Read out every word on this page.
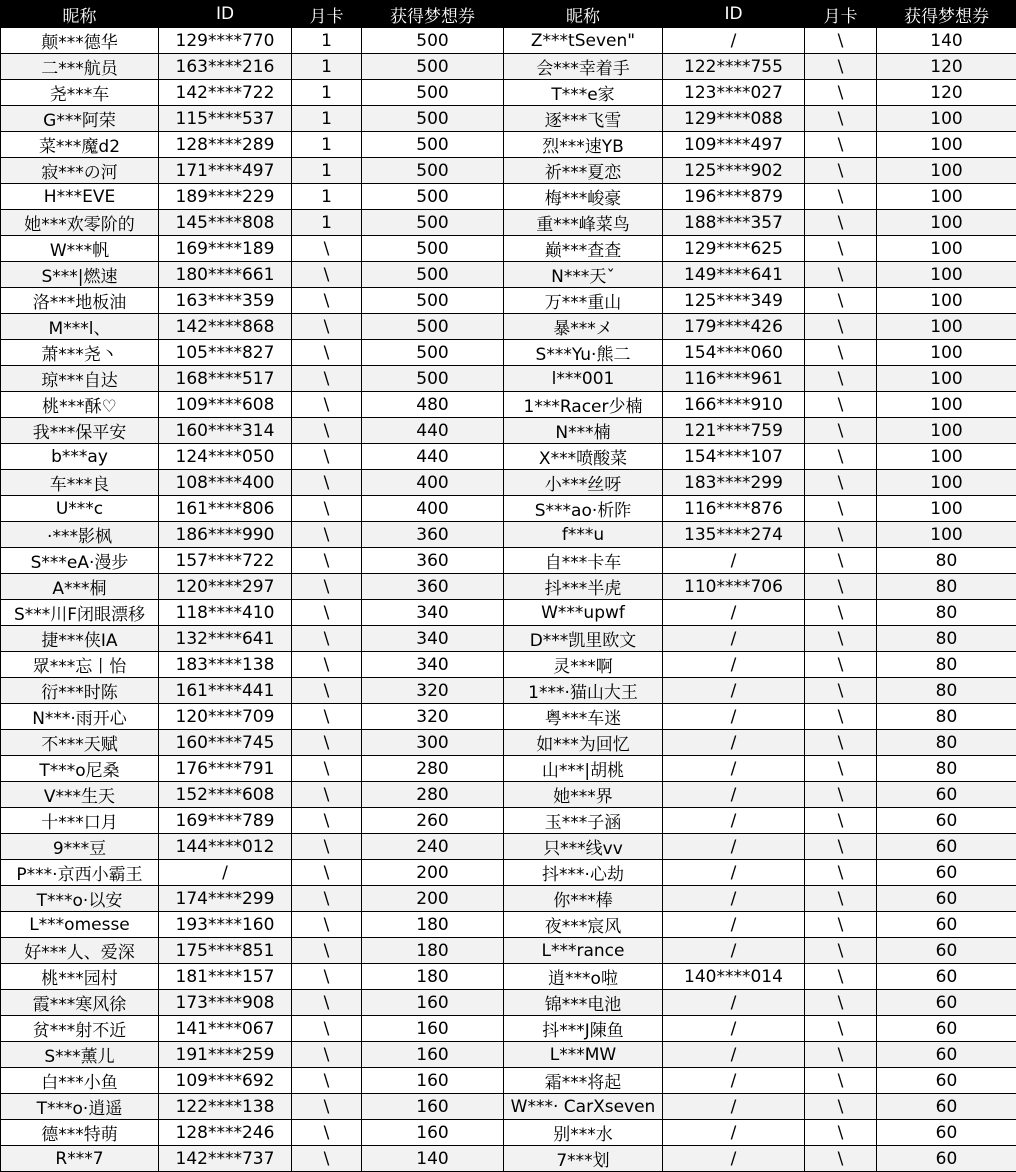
昵称	ID	月卡	获得梦想券	昵称	ID	月卡	获得梦想券
颠***德华	129****770	1	500	Z***tSeven"	/	\	140
二***航员	163****216	1	500	会***幸着手	122****755	\	120
尧***车	142****722	1	500	T***e家	123****027	\	120
G***阿荣	115****537	1	500	逐***飞雪	129****088	\	100
菜***魔d2	128****289	1	500	烈***速YB	109****497	\	100
寂***の河	171****497	1	500	祈***夏恋	125****902	\	100
H***EVE	189****229	1	500	梅***峻豪	196****879	\	100
她***欢零阶的	145****808	1	500	重***峰菜鸟	188****357	\	100
W***帆	169****189	\	500	巅***查查	129****625	\	100
S***|燃速	180****661	\	500	N***天ˇ	149****641	\	100
洛***地板油	163****359	\	500	万***重山	125****349	\	100
M***l、	142****868	\	500	暴***メ	179****426	\	100
萧***尧丶	105****827	\	500	S***Yu·熊二	154****060	\	100
琼***自达	168****517	\	500	l***001	116****961	\	100
桃***酥♡	109****608	\	480	1***Racer少楠	166****910	\	100
我***保平安	160****314	\	440	N***楠	121****759	\	100
b***ay	124****050	\	440	X***喷酸菜	154****107	\	100
车***良	108****400	\	400	小***丝呀	183****299	\	100
U***c	161****806	\	400	S***ao·析阼	116****876	\	100
·***影枫	186****990	\	360	f***u	135****274	\	100
S***eA·漫步	157****722	\	360	自***卡车	/	\	80
A***桐	120****297	\	360	抖***半虎	110****706	\	80
S***川F闭眼漂移	118****410	\	340	W***upwf	/	\	80
捷***侠IA	132****641	\	340	D***凯里欧文	/	\	80
眾***忘丨怡	183****138	\	340	灵***啊	/	\	80
衍***时陈	161****441	\	320	1***·猫山大王	/	\	80
N***·雨开心	120****709	\	320	粤***车迷	/	\	80
不***天赋	160****745	\	300	如***为回忆	/	\	80
T***o尼桑	176****791	\	280	山***|胡桃	/	\	80
V***生天	152****608	\	280	她***界	/	\	60
十***口月	169****789	\	260	玉***子涵	/	\	60
9***豆	144****012	\	240	只***线vv	/	\	60
P***·京西小霸王	/	\	200	抖***·心劫	/	\	60
T***o·以安	174****299	\	200	你***棒	/	\	60
L***omesse	193****160	\	180	夜***宸风	/	\	60
好***人、爱深	175****851	\	180	L***rance	/	\	60
桃***园村	181****157	\	180	逍***o啦	140****014	\	60
霞***寒风徐	173****908	\	160	锦***电池	/	\	60
贫***射不近	141****067	\	160	抖***J陳鱼	/	\	60
S***薰儿	191****259	\	160	L***MW	/	\	60
白***小鱼	109****692	\	160	霜***将起	/	\	60
T***o·逍遥	122****138	\	160	W***· CarXseven	/	\	60
德***特萌	128****246	\	160	别***水	/	\	60
R***7	142****737	\	140	7***划	/	\	60
